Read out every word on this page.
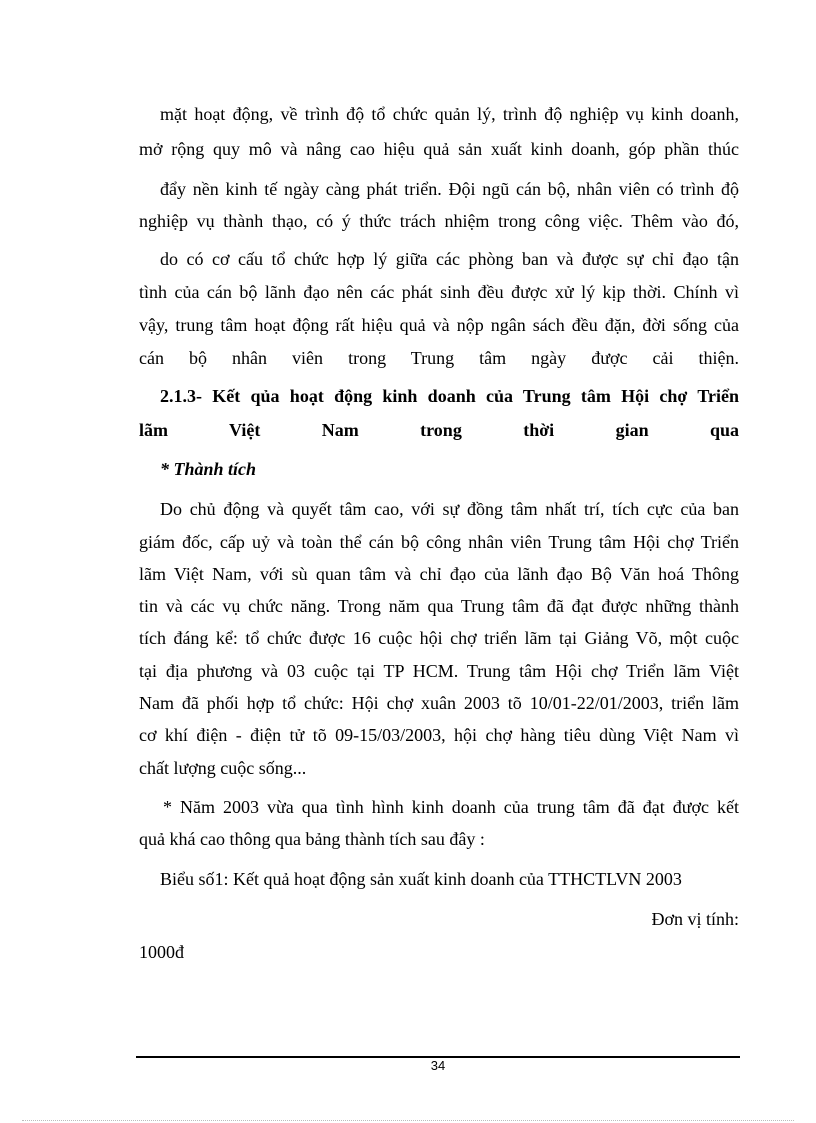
mặt hoạt động, về trình độ tổ chức quản lý, trình độ nghiệp vụ kinh doanh,
mở rộng quy mô và nâng cao hiệu quả sản xuất kinh doanh, góp phần thúc
đẩy nền kinh tế ngày càng phát triển. Đội ngũ cán bộ, nhân viên có trình độ
nghiệp vụ thành thạo, có ý thức trách nhiệm trong công việc. Thêm vào đó,
do có cơ cấu tổ chức hợp lý giữa các phòng ban và được sự chỉ đạo tận
tình của cán bộ lãnh đạo nên các phát sinh đều được xử lý kịp thời. Chính vì
vậy, trung tâm hoạt động rất hiệu quả và nộp ngân sách đều đặn, đời sống của
cán bộ nhân viên trong Trung tâm ngày được cải thiện.
2.1.3- Kết qủa hoạt động kinh doanh của Trung tâm Hội chợ Triển
lãm Việt Nam trong thời gian qua
* Thành tích
Do chủ động và quyết tâm cao, với sự đồng tâm nhất trí, tích cực của ban
giám đốc, cấp uỷ và toàn thể cán bộ công nhân viên Trung tâm Hội chợ Triển
lãm Việt Nam, với sù quan tâm và chỉ đạo của lãnh đạo Bộ Văn hoá Thông
tin và các vụ chức năng. Trong năm qua Trung tâm đã đạt được những thành
tích đáng kể: tổ chức được 16 cuộc hội chợ triển lãm tại Giảng Võ, một cuộc
tại địa phương và 03 cuộc tại TP HCM. Trung tâm Hội chợ Triển lãm Việt
Nam đã phối hợp tổ chức: Hội chợ xuân 2003 tõ 10/01-22/01/2003, triển lãm
cơ khí điện - điện tử tõ 09-15/03/2003, hội chợ hàng tiêu dùng Việt Nam vì
chất lượng cuộc sống...
* Năm 2003 vừa qua tình hình kinh doanh của trung tâm đã đạt được kết
quả khá cao thông qua bảng thành tích sau đây :
Biểu số1: Kết quả hoạt động sản xuất kinh doanh của TTHCTLVN 2003
Đơn vị tính:
1000đ
34
